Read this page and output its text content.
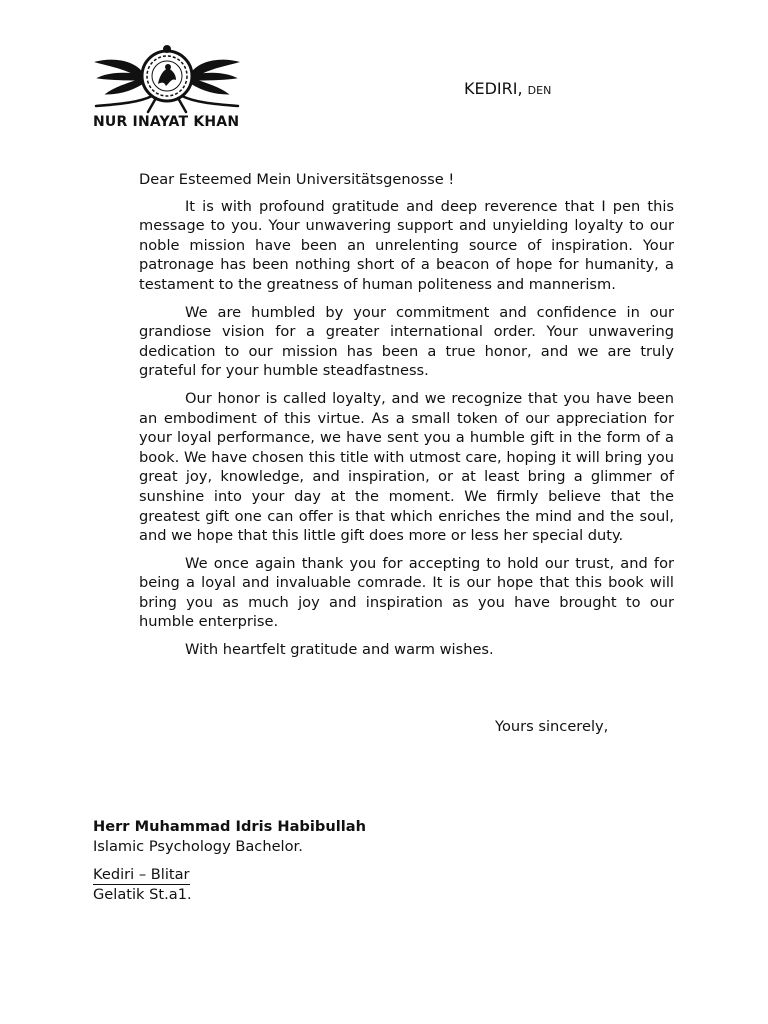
NUR INAYAT KHAN
KEDIRI, DEN

Dear Esteemed Mein Universitätsgenosse !

It is with profound gratitude and deep reverence that I pen this message to you. Your unwavering support and unyielding loyalty to our noble mission have been an unrelenting source of inspiration. Your patronage has been nothing short of a beacon of hope for humanity, a testament to the greatness of human politeness and mannerism.

We are humbled by your commitment and confidence in our grandiose vision for a greater international order. Your unwavering dedication to our mission has been a true honor, and we are truly grateful for your humble steadfastness.

Our honor is called loyalty, and we recognize that you have been an embodiment of this virtue. As a small token of our appreciation for your loyal performance, we have sent you a humble gift in the form of a book. We have chosen this title with utmost care, hoping it will bring you great joy, knowledge, and inspiration, or at least bring a glimmer of sunshine into your day at the moment. We firmly believe that the greatest gift one can offer is that which enriches the mind and the soul, and we hope that this little gift does more or less her special duty.

We once again thank you for accepting to hold our trust, and for being a loyal and invaluable comrade. It is our hope that this book will bring you as much joy and inspiration as you have brought to our humble enterprise.

With heartfelt gratitude and warm wishes.

Yours sincerely,
Herr Muhammad Idris Habibullah
Islamic Psychology Bachelor.
Kediri – Blitar
Gelatik St.a1.
